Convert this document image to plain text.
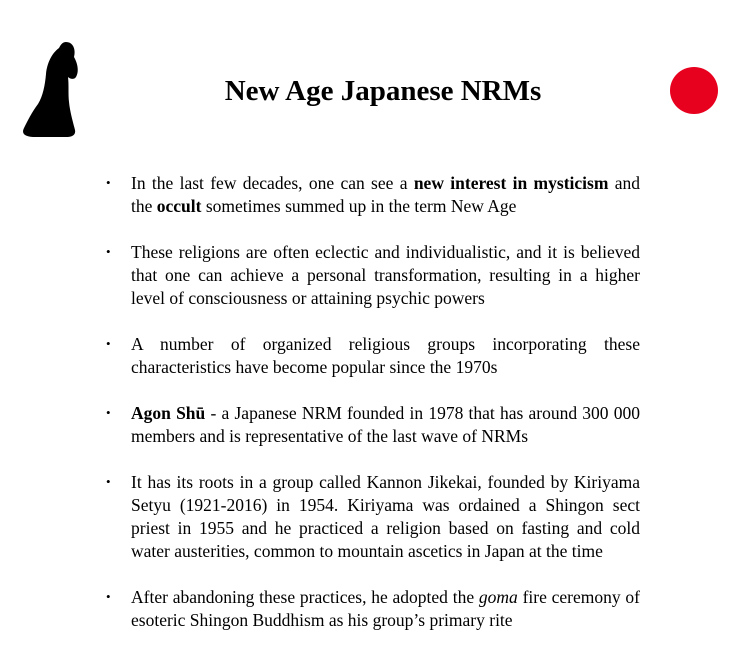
New Age Japanese NRMs
• In the last few decades, one can see a new interest in mysticism and the occult sometimes summed up in the term New Age
• These religions are often eclectic and individualistic, and it is believed that one can achieve a personal transformation, resulting in a higher level of consciousness or attaining psychic powers
• A number of organized religious groups incorporating these characteristics have become popular since the 1970s
• Agon Shū - a Japanese NRM founded in 1978 that has around 300 000 members and is representative of the last wave of NRMs
• It has its roots in a group called Kannon Jikekai, founded by Kiriyama Setyu (1921-2016) in 1954. Kiriyama was ordained a Shingon sect priest in 1955 and he practiced a religion based on fasting and cold water austerities, common to mountain ascetics in Japan at the time
• After abandoning these practices, he adopted the goma fire ceremony of esoteric Shingon Buddhism as his group’s primary rite
